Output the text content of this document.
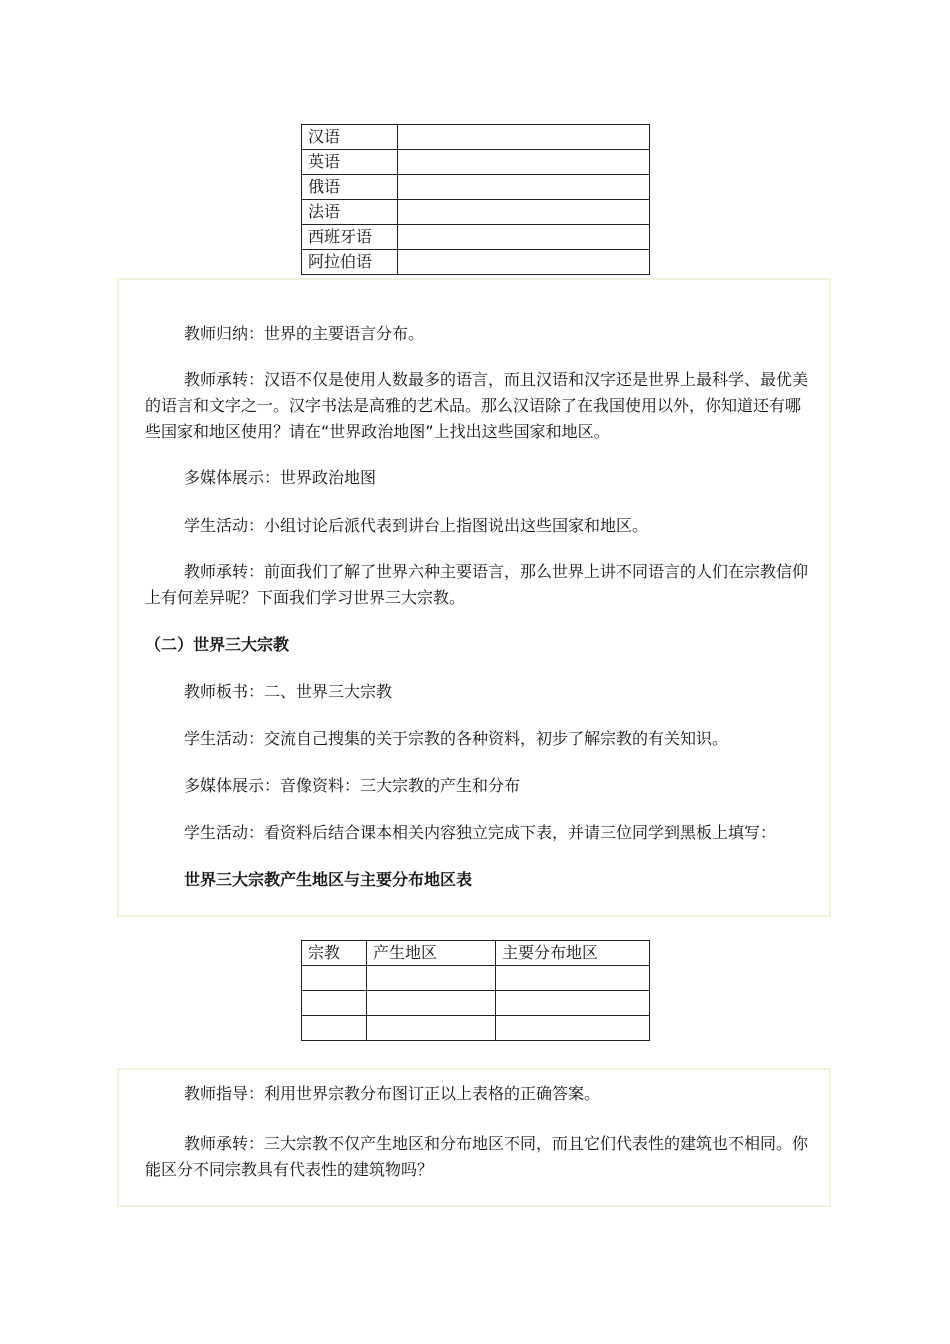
汉语	
英语	
俄语	
法语	
西班牙语	
阿拉伯语	

教师归纳：世界的主要语言分布。

教师承转：汉语不仅是使用人数最多的语言，而且汉语和汉字还是世界上最科学、最优美的语言和文字之一。汉字书法是高雅的艺术品。那么汉语除了在我国使用以外，你知道还有哪些国家和地区使用？请在“世界政治地图”上找出这些国家和地区。

多媒体展示：世界政治地图

学生活动：小组讨论后派代表到讲台上指图说出这些国家和地区。

教师承转：前面我们了解了世界六种主要语言，那么世界上讲不同语言的人们在宗教信仰上有何差异呢？下面我们学习世界三大宗教。

（二）世界三大宗教

教师板书：二、世界三大宗教

学生活动：交流自己搜集的关于宗教的各种资料，初步了解宗教的有关知识。

多媒体展示：音像资料：三大宗教的产生和分布

学生活动：看资料后结合课本相关内容独立完成下表，并请三位同学到黑板上填写：

世界三大宗教产生地区与主要分布地区表

宗教	产生地区	主要分布地区

教师指导：利用世界宗教分布图订正以上表格的正确答案。

教师承转：三大宗教不仅产生地区和分布地区不同，而且它们代表性的建筑也不相同。你能区分不同宗教具有代表性的建筑物吗？
